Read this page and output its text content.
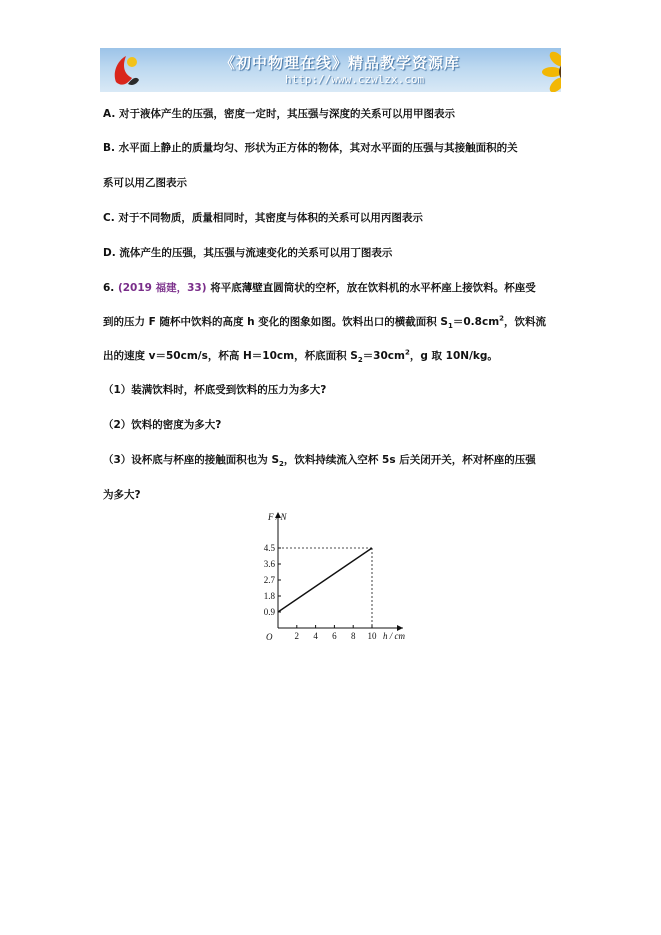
《初中物理在线》精品教学资源库
http://www.czwlzx.com
A. 对于液体产生的压强，密度一定时，其压强与深度的关系可以用甲图表示
B. 水平面上静止的质量均匀、形状为正方体的物体，其对水平面的压强与其接触面积的关
系可以用乙图表示
C. 对于不同物质，质量相同时，其密度与体积的关系可以用丙图表示
D. 流体产生的压强，其压强与流速变化的关系可以用丁图表示
6. (2019 福建，33) 将平底薄壁直圆筒状的空杯，放在饮料机的水平杯座上接饮料。杯座受
到的压力 F 随杯中饮料的高度 h 变化的图象如图。饮料出口的横截面积 $S_1=0.8cm^2$，饮料流
出的速度 v＝50cm/s，杯高 H＝10cm，杯底面积 $S_2=30cm^2$，g 取 10N/kg。
（1）装满饮料时，杯底受到饮料的压力为多大?
（2）饮料的密度为多大?
（3）设杯底与杯座的接触面积也为 $S_2$，饮料持续流入空杯 5s 后关闭开关，杯对杯座的压强
为多大?
F / N
h / cm
O 2 4 6 8 10
0.9
1.8
2.7
3.6
4.5
